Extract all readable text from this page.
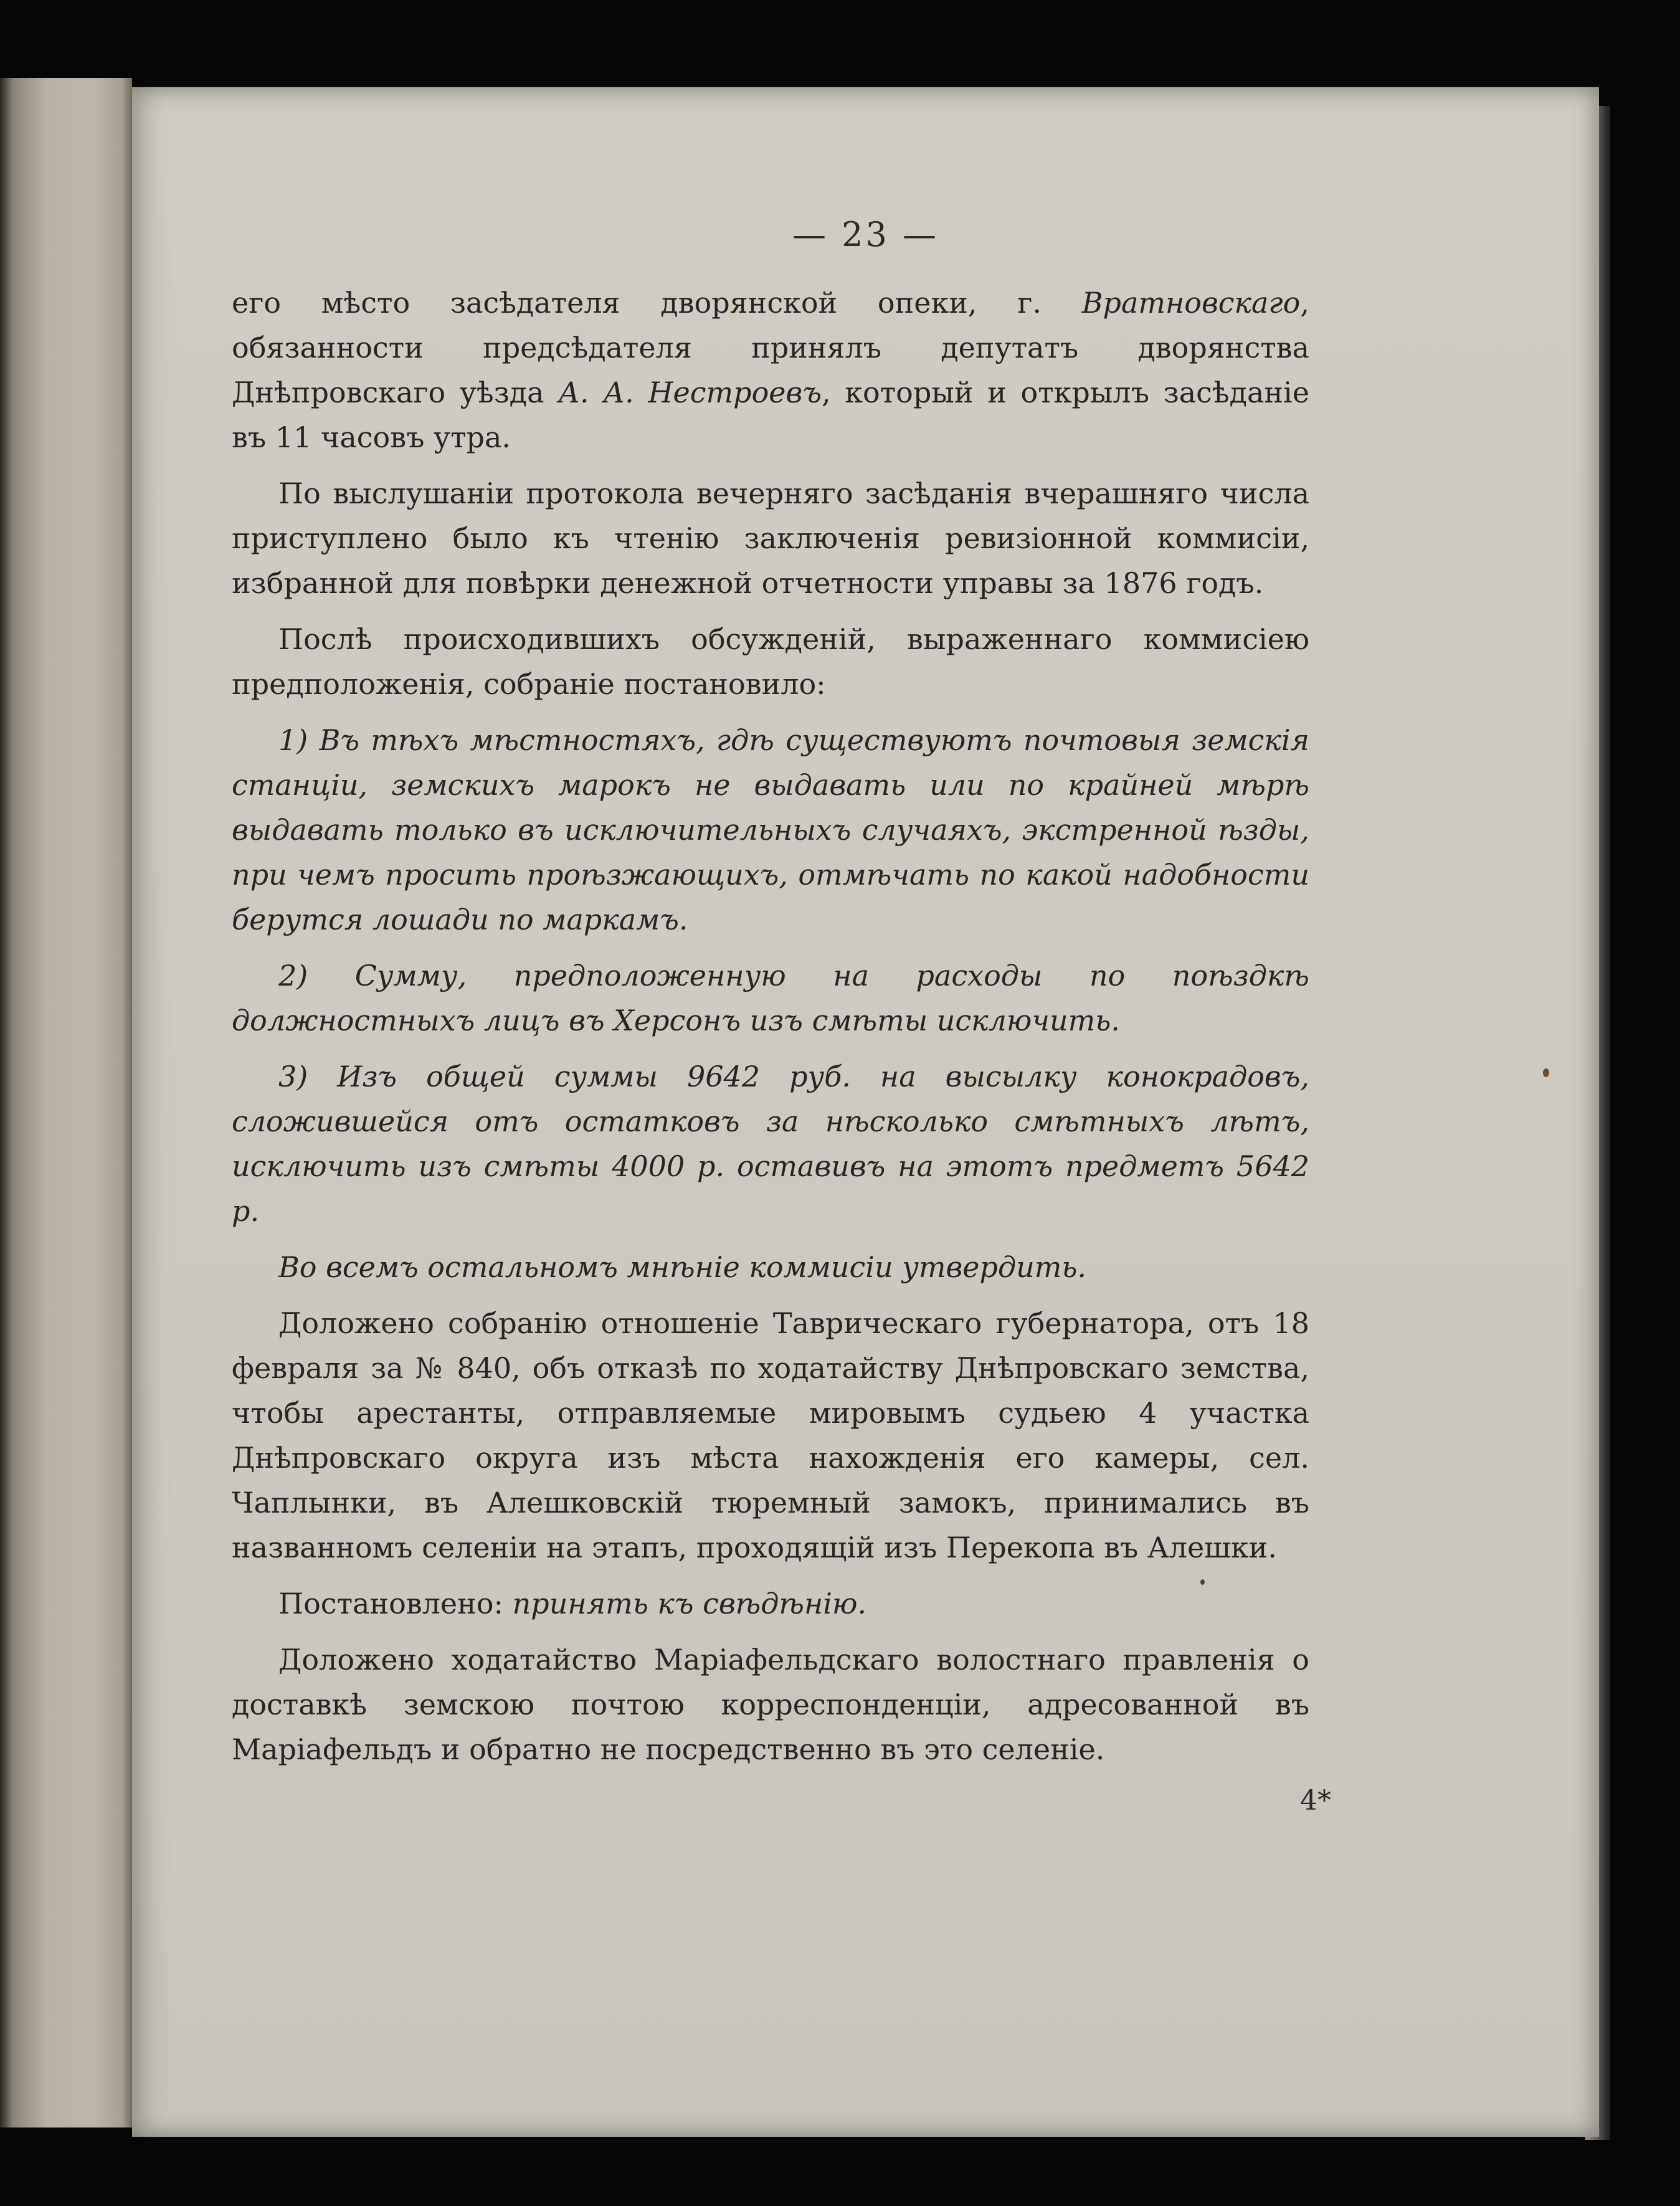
— 23 —

его мѣсто засѣдателя дворянской опеки, г. Вратновскаго, обязанности предсѣдателя принялъ депутатъ дворянства Днѣпровскаго уѣзда А. А. Нестроевъ, который и открылъ засѣданіе въ 11 часовъ утра.

По выслушаніи протокола вечерняго засѣданія вчерашняго числа приступлено было къ чтенію заключенія ревизіонной коммисіи, избранной для повѣрки денежной отчетности управы за 1876 годъ.

Послѣ происходившихъ обсужденій, выраженнаго коммисіею предположенія, собраніе постановило:

1) Въ тѣхъ мѣстностяхъ, гдѣ существуютъ почтовыя земскія станціи, земскихъ марокъ не выдавать или по крайней мѣрѣ выдавать только въ исключительныхъ случаяхъ, экстренной ѣзды, при чемъ просить проѣзжающихъ, отмѣчать по какой надобности берутся лошади по маркамъ.

2) Сумму, предположенную на расходы по поѣздкѣ должностныхъ лицъ въ Херсонъ изъ смѣты исключить.

3) Изъ общей суммы 9642 руб. на высылку конокрадовъ, сложившейся отъ остатковъ за нѣсколько смѣтныхъ лѣтъ, исключить изъ смѣты 4000 р. оставивъ на этотъ предметъ 5642 р.

Во всемъ остальномъ мнѣніе коммисіи утвердить.

Доложено собранію отношеніе Таврическаго губернатора, отъ 18 февраля за № 840, объ отказѣ по ходатайству Днѣпровскаго земства, чтобы арестанты, отправляемые мировымъ судьею 4 участка Днѣпровскаго округа изъ мѣста нахожденія его камеры, сел. Чаплынки, въ Алешковскій тюремный замокъ, принимались въ названномъ селеніи на этапъ, проходящій изъ Перекопа въ Алешки.

Постановлено: принять къ свѣдѣнію.

Доложено ходатайство Маріафельдскаго волостнаго правленія о доставкѣ земскою почтою корреспонденціи, адресованной въ Маріафельдъ и обратно не посредственно въ это селеніе.

4*
